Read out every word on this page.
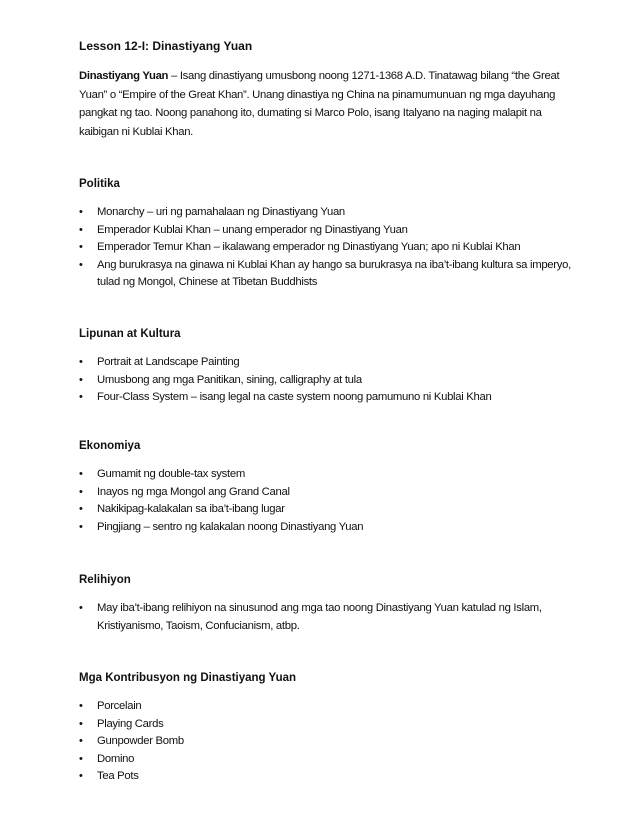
Lesson 12-I: Dinastiyang Yuan

Dinastiyang Yuan – Isang dinastiyang umusbong noong 1271-1368 A.D. Tinatawag bilang “the Great Yuan” o “Empire of the Great Khan”. Unang dinastiya ng China na pinamumunuan ng mga dayuhang pangkat ng tao. Noong panahong ito, dumating si Marco Polo, isang Italyano na naging malapit na kaibigan ni Kublai Khan.

Politika
• Monarchy – uri ng pamahalaan ng Dinastiyang Yuan
• Emperador Kublai Khan – unang emperador ng Dinastiyang Yuan
• Emperador Temur Khan – ikalawang emperador ng Dinastiyang Yuan; apo ni Kublai Khan
• Ang burukrasya na ginawa ni Kublai Khan ay hango sa burukrasya na iba’t-ibang kultura sa imperyo, tulad ng Mongol, Chinese at Tibetan Buddhists
Lipunan at Kultura
• Portrait at Landscape Painting
• Umusbong ang mga Panitikan, sining, calligraphy at tula
• Four-Class System – isang legal na caste system noong pamumuno ni Kublai Khan
Ekonomiya
• Gumamit ng double-tax system
• Inayos ng mga Mongol ang Grand Canal
• Nakikipag-kalakalan sa iba’t-ibang lugar
• Pingjiang – sentro ng kalakalan noong Dinastiyang Yuan
Relihiyon
• May iba’t-ibang relihiyon na sinusunod ang mga tao noong Dinastiyang Yuan katulad ng Islam, Kristiyanismo, Taoism, Confucianism, atbp.
Mga Kontribusyon ng Dinastiyang Yuan
• Porcelain
• Playing Cards
• Gunpowder Bomb
• Domino
• Tea Pots
